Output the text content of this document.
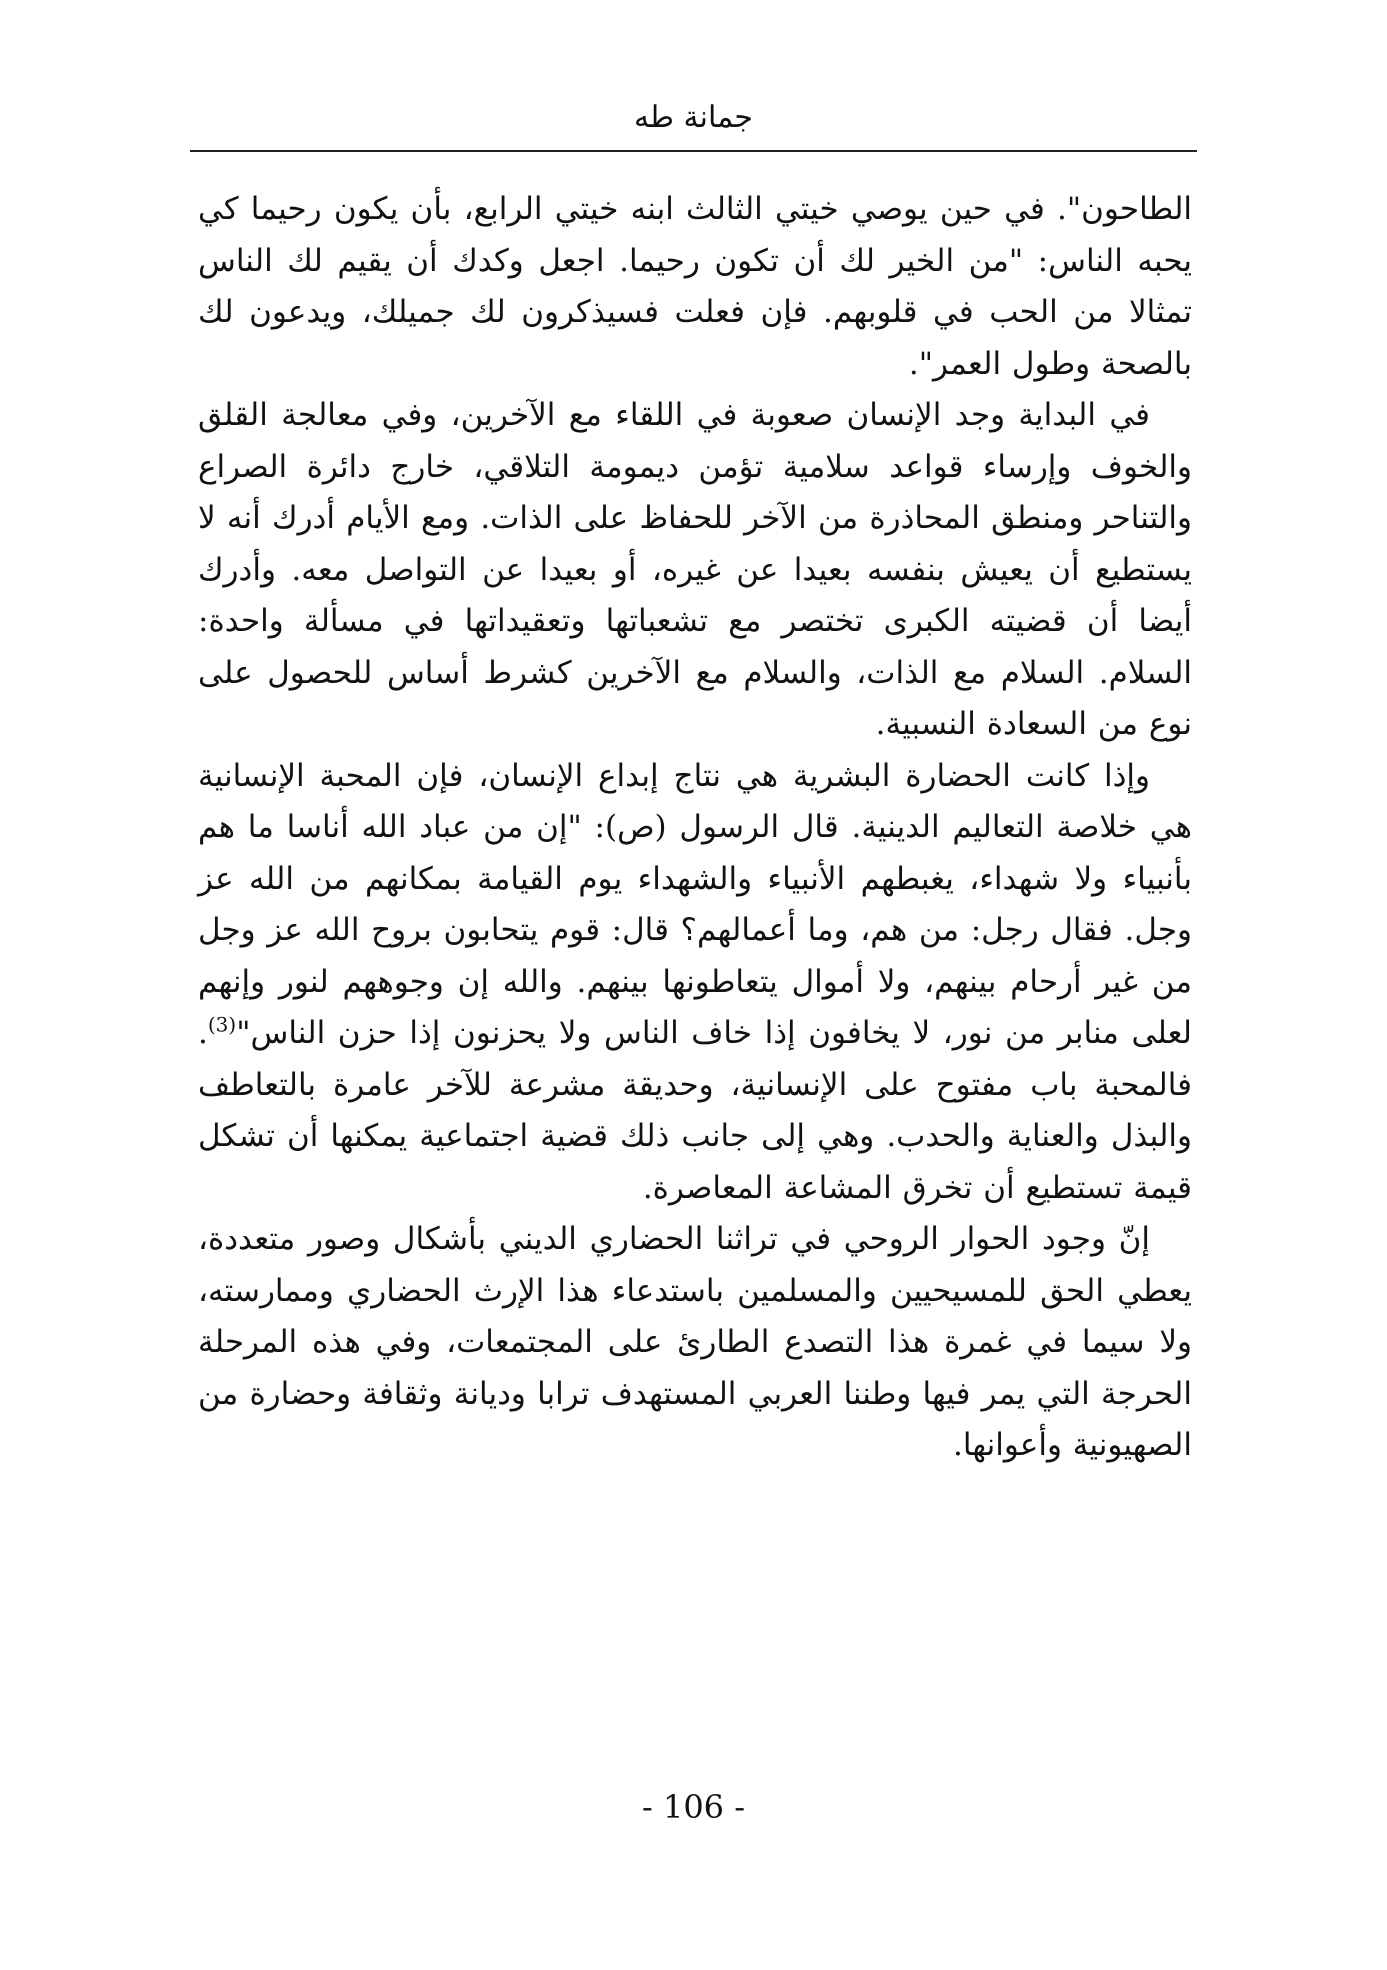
جمانة طه

الطاحون". في حين يوصي خيتي الثالث ابنه خيتي الرابع، بأن يكون رحيما كي يحبه الناس: "من الخير لك أن تكون رحيما. اجعل وكدك أن يقيم لك الناس تمثالا من الحب في قلوبهم. فإن فعلت فسيذكرون لك جميلك، ويدعون لك بالصحة وطول العمر".

في البداية وجد الإنسان صعوبة في اللقاء مع الآخرين، وفي معالجة القلق والخوف وإرساء قواعد سلامية تؤمن ديمومة التلاقي، خارج دائرة الصراع والتناحر ومنطق المحاذرة من الآخر للحفاظ على الذات. ومع الأيام أدرك أنه لا يستطيع أن يعيش بنفسه بعيدا عن غيره، أو بعيدا عن التواصل معه. وأدرك أيضا أن قضيته الكبرى تختصر مع تشعباتها وتعقيداتها في مسألة واحدة: السلام. السلام مع الذات، والسلام مع الآخرين كشرط أساس للحصول على نوع من السعادة النسبية.

وإذا كانت الحضارة البشرية هي نتاج إبداع الإنسان، فإن المحبة الإنسانية هي خلاصة التعاليم الدينية. قال الرسول (ص): "إن من عباد الله أناسا ما هم بأنبياء ولا شهداء، يغبطهم الأنبياء والشهداء يوم القيامة بمكانهم من الله عز وجل. فقال رجل: من هم، وما أعمالهم؟ قال: قوم يتحابون بروح الله عز وجل من غير أرحام بينهم، ولا أموال يتعاطونها بينهم. والله إن وجوههم لنور وإنهم لعلى منابر من نور، لا يخافون إذا خاف الناس ولا يحزنون إذا حزن الناس"$^{(3)}$. فالمحبة باب مفتوح على الإنسانية، وحديقة مشرعة للآخر عامرة بالتعاطف والبذل والعناية والحدب. وهي إلى جانب ذلك قضية اجتماعية يمكنها أن تشكل قيمة تستطيع أن تخرق المشاعة المعاصرة.

إنّ وجود الحوار الروحي في تراثنا الحضاري الديني بأشكال وصور متعددة، يعطي الحق للمسيحيين والمسلمين باستدعاء هذا الإرث الحضاري وممارسته، ولا سيما في غمرة هذا التصدع الطارئ على المجتمعات، وفي هذه المرحلة الحرجة التي يمر فيها وطننا العربي المستهدف ترابا وديانة وثقافة وحضارة من الصهيونية وأعوانها.

- 106 -
